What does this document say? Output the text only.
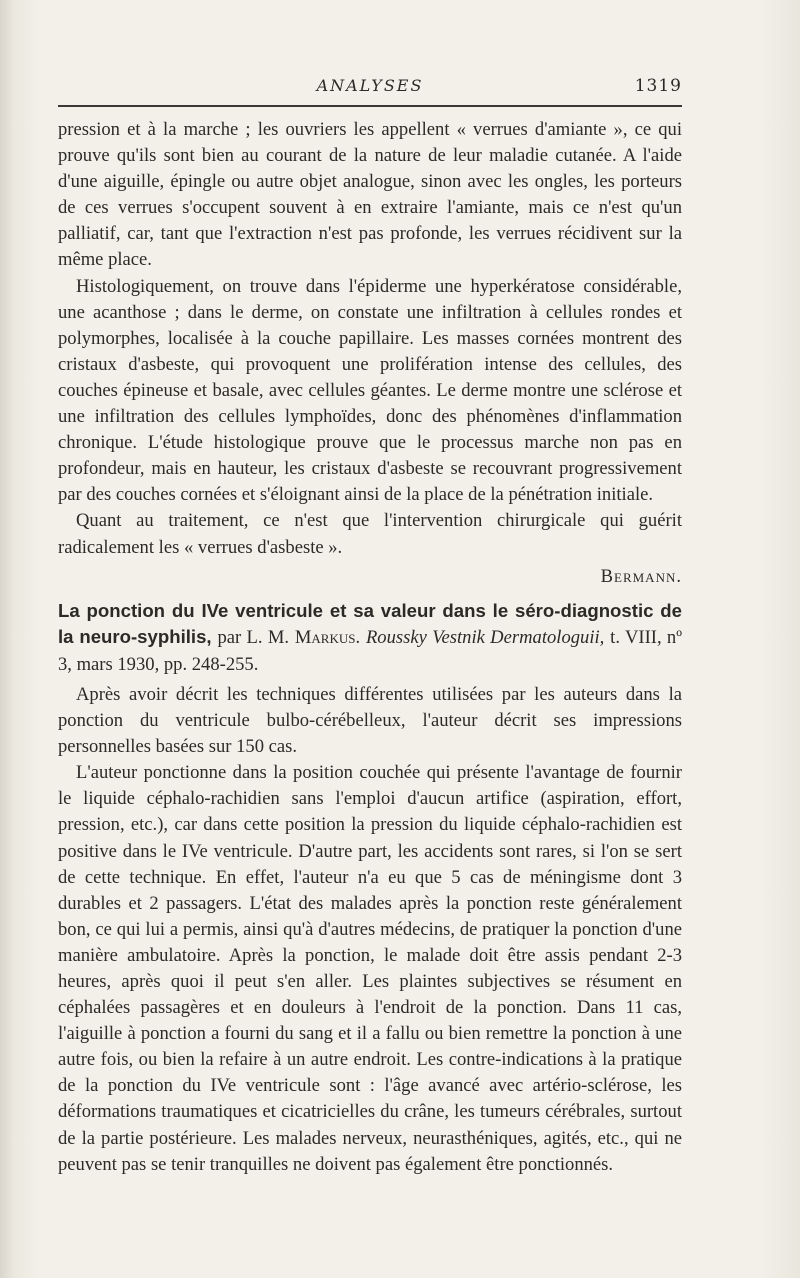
ANALYSES	1319

pression et à la marche ; les ouvriers les appellent « verrues d'amiante », ce qui prouve qu'ils sont bien au courant de la nature de leur maladie cutanée. A l'aide d'une aiguille, épingle ou autre objet analogue, sinon avec les ongles, les porteurs de ces verrues s'occupent souvent à en extraire l'amiante, mais ce n'est qu'un palliatif, car, tant que l'extraction n'est pas profonde, les verrues récidivent sur la même place.

Histologiquement, on trouve dans l'épiderme une hyperkératose considérable, une acanthose ; dans le derme, on constate une infiltration à cellules rondes et polymorphes, localisée à la couche papillaire. Les masses cornées montrent des cristaux d'asbeste, qui provoquent une prolifération intense des cellules, des couches épineuse et basale, avec cellules géantes. Le derme montre une sclérose et une infiltration des cellules lymphoïdes, donc des phénomènes d'inflammation chronique. L'étude histologique prouve que le processus marche non pas en profondeur, mais en hauteur, les cristaux d'asbeste se recouvrant progressivement par des couches cornées et s'éloignant ainsi de la place de la pénétration initiale.

Quant au traitement, ce n'est que l'intervention chirurgicale qui guérit radicalement les « verrues d'asbeste ».

Bermann.
La ponction du IVe ventricule et sa valeur dans le séro-diagnostic de la neuro-syphilis, par L. M. Markus. Roussky Vestnik Dermatologuii, t. VIII, nº 3, mars 1930, pp. 248-255.

Après avoir décrit les techniques différentes utilisées par les auteurs dans la ponction du ventricule bulbo-cérébelleux, l'auteur décrit ses impressions personnelles basées sur 150 cas.

L'auteur ponctionne dans la position couchée qui présente l'avantage de fournir le liquide céphalo-rachidien sans l'emploi d'aucun artifice (aspiration, effort, pression, etc.), car dans cette position la pression du liquide céphalo-rachidien est positive dans le IVe ventricule. D'autre part, les accidents sont rares, si l'on se sert de cette technique. En effet, l'auteur n'a eu que 5 cas de méningisme dont 3 durables et 2 passagers. L'état des malades après la ponction reste généralement bon, ce qui lui a permis, ainsi qu'à d'autres médecins, de pratiquer la ponction d'une manière ambulatoire. Après la ponction, le malade doit être assis pendant 2-3 heures, après quoi il peut s'en aller. Les plaintes subjectives se résument en céphalées passagères et en douleurs à l'endroit de la ponction. Dans 11 cas, l'aiguille à ponction a fourni du sang et il a fallu ou bien remettre la ponction à une autre fois, ou bien la refaire à un autre endroit. Les contre-indications à la pratique de la ponction du IVe ventricule sont : l'âge avancé avec artério-sclérose, les déformations traumatiques et cicatricielles du crâne, les tumeurs cérébrales, surtout de la partie postérieure. Les malades nerveux, neurasthéniques, agités, etc., qui ne peuvent pas se tenir tranquilles ne doivent pas également être ponctionnés.
